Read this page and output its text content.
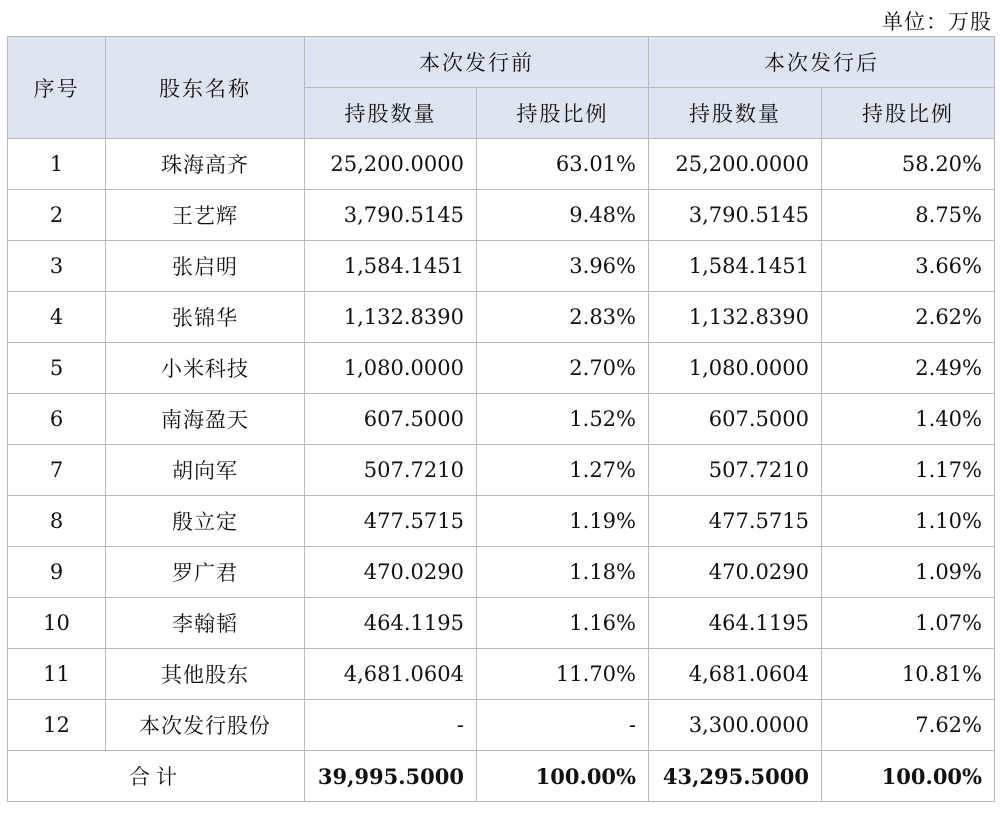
单位：万股
序号	股东名称	本次发行前		本次发行后	
		持股数量	持股比例	持股数量	持股比例
1	珠海高齐	25,200.0000	63.01%	25,200.0000	58.20%
2	王艺辉	3,790.5145	9.48%	3,790.5145	8.75%
3	张启明	1,584.1451	3.96%	1,584.1451	3.66%
4	张锦华	1,132.8390	2.83%	1,132.8390	2.62%
5	小米科技	1,080.0000	2.70%	1,080.0000	2.49%
6	南海盈天	607.5000	1.52%	607.5000	1.40%
7	胡向军	507.7210	1.27%	507.7210	1.17%
8	殷立定	477.5715	1.19%	477.5715	1.10%
9	罗广君	470.0290	1.18%	470.0290	1.09%
10	李翰韬	464.1195	1.16%	464.1195	1.07%
11	其他股东	4,681.0604	11.70%	4,681.0604	10.81%
12	本次发行股份	-	-	3,300.0000	7.62%
合计		39,995.5000	100.00%	43,295.5000	100.00%
